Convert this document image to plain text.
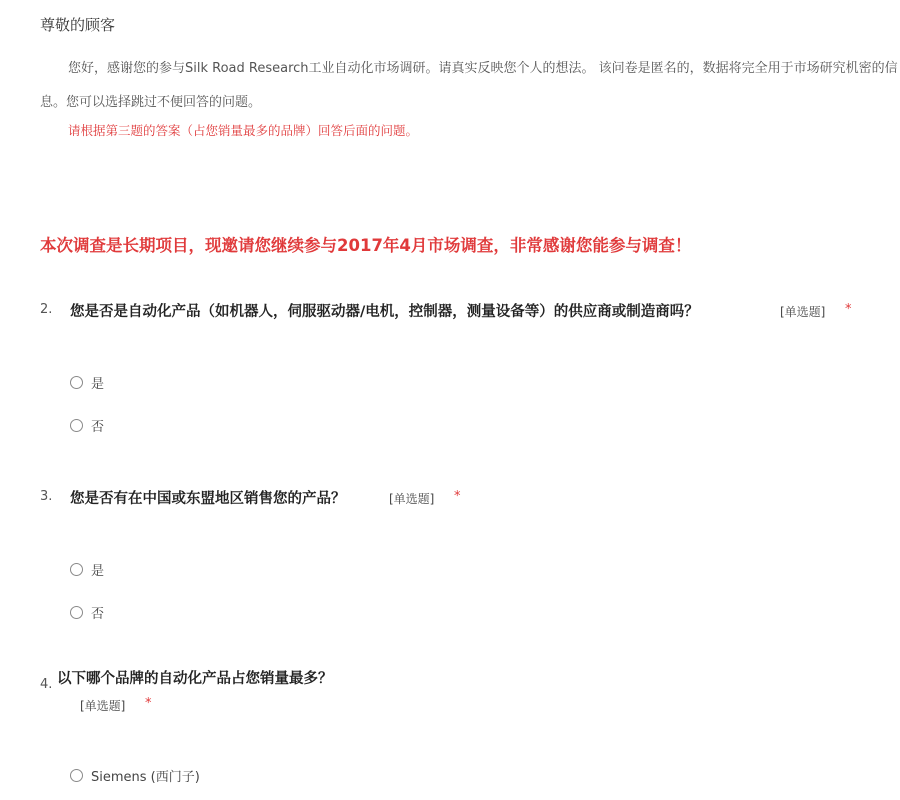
尊敬的顾客
您好，感谢您的参与Silk Road Research工业自动化市场调研。请真实反映您个人的想法。 该问卷是匿名的，数据将完全用于市场研究机密的信息。您可以选择跳过不便回答的问题。
请根据第三题的答案（占您销量最多的品牌）回答后面的问题。
本次调查是长期项目，现邀请您继续参与2017年4月市场调查，非常感谢您能参与调查！
2. 您是否是自动化产品（如机器人，伺服驱动器/电机，控制器，测量设备等）的供应商或制造商吗？	[单选题] *
是
否
3. 您是否有在中国或东盟地区销售您的产品？	[单选题] *
是
否
4. 以下哪个品牌的自动化产品占您销量最多？
[单选题] *
Siemens (西门子)
